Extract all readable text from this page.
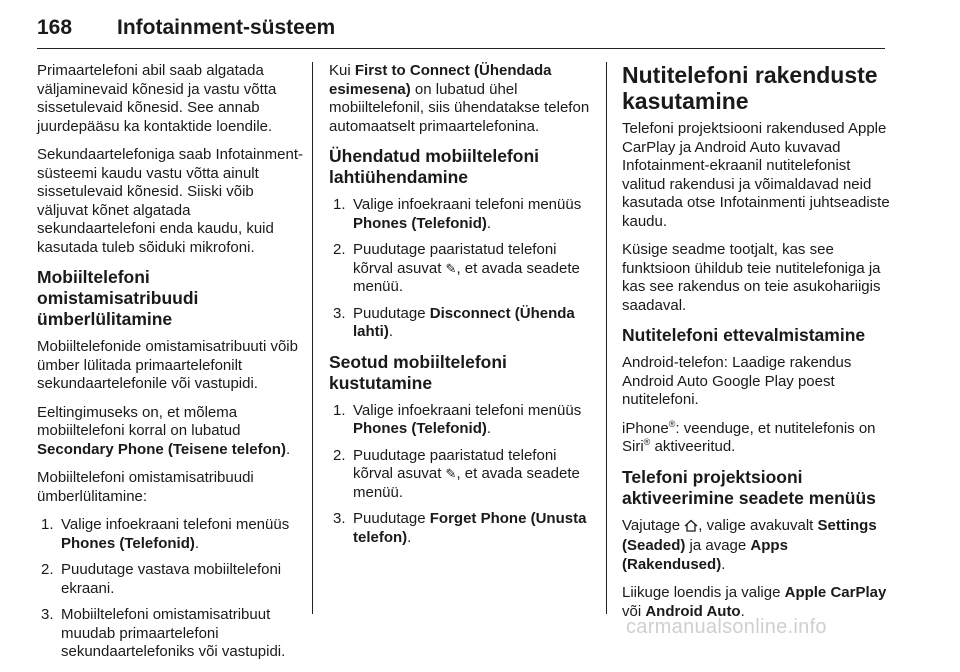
168 Infotainment-süsteem

Primaartelefoni abil saab algatada väljaminevaid kõnesid ja vastu võtta sissetulevaid kõnesid. See annab juurdepääsu ka kontaktide loendile.

Sekundaartelefoniga saab Infotainment-süsteemi kaudu vastu võtta ainult sissetulevaid kõnesid. Siiski võib väljuvat kõnet algatada sekundaartelefoni enda kaudu, kuid kasutada tuleb sõiduki mikrofoni.

Mobiiltelefoni omistamisatribuudi ümberlülitamine

Mobiiltelefonide omistamisatribuuti võib ümber lülitada primaartelefonilt sekundaartelefonile või vastupidi.

Eeltingimuseks on, et mõlema mobiiltelefoni korral on lubatud Secondary Phone (Teisene telefon).

Mobiiltelefoni omistamisatribuudi ümberlülitamine:

1. Valige infoekraani telefoni menüüs Phones (Telefonid).
2. Puudutage vastava mobiiltelefoni ekraani.
3. Mobiiltelefoni omistamisatribuut muudab primaartelefoni sekundaartelefoniks või vastupidi.

Kui First to Connect (Ühendada esimesena) on lubatud ühel mobiiltelefonil, siis ühendatakse telefon automaatselt primaartelefonina.

Ühendatud mobiiltelefoni lahtiühendamine
1. Valige infoekraani telefoni menüüs Phones (Telefonid).
2. Puudutage paaristatud telefoni kõrval asuvat ✎, et avada seadete menüü.
3. Puudutage Disconnect (Ühenda lahti).
Seotud mobiiltelefoni kustutamine
1. Valige infoekraani telefoni menüüs Phones (Telefonid).
2. Puudutage paaristatud telefoni kõrval asuvat ✎, et avada seadete menüü.
3. Puudutage Forget Phone (Unusta telefon).
Nutitelefoni rakenduste kasutamine

Telefoni projektsiooni rakendused Apple CarPlay ja Android Auto kuvavad Infotainment-ekraanil nutitelefonist valitud rakendusi ja võimaldavad neid kasutada otse Infotainmenti juhtseadiste kaudu.

Küsige seadme tootjalt, kas see funktsioon ühildub teie nutitelefoniga ja kas see rakendus on teie asukohariigis saadaval.

Nutitelefoni ettevalmistamine

Android-telefon: Laadige rakendus Android Auto Google Play poest nutitelefoni.

iPhone®: veenduge, et nutitelefonis on Siri® aktiveeritud.

Telefoni projektsiooni aktiveerimine seadete menüüs

Vajutage , valige avakuvalt Settings (Seaded) ja avage Apps (Rakendused).

Liikuge loendis ja valige Apple CarPlay või Android Auto.

carmanualsonline.info
